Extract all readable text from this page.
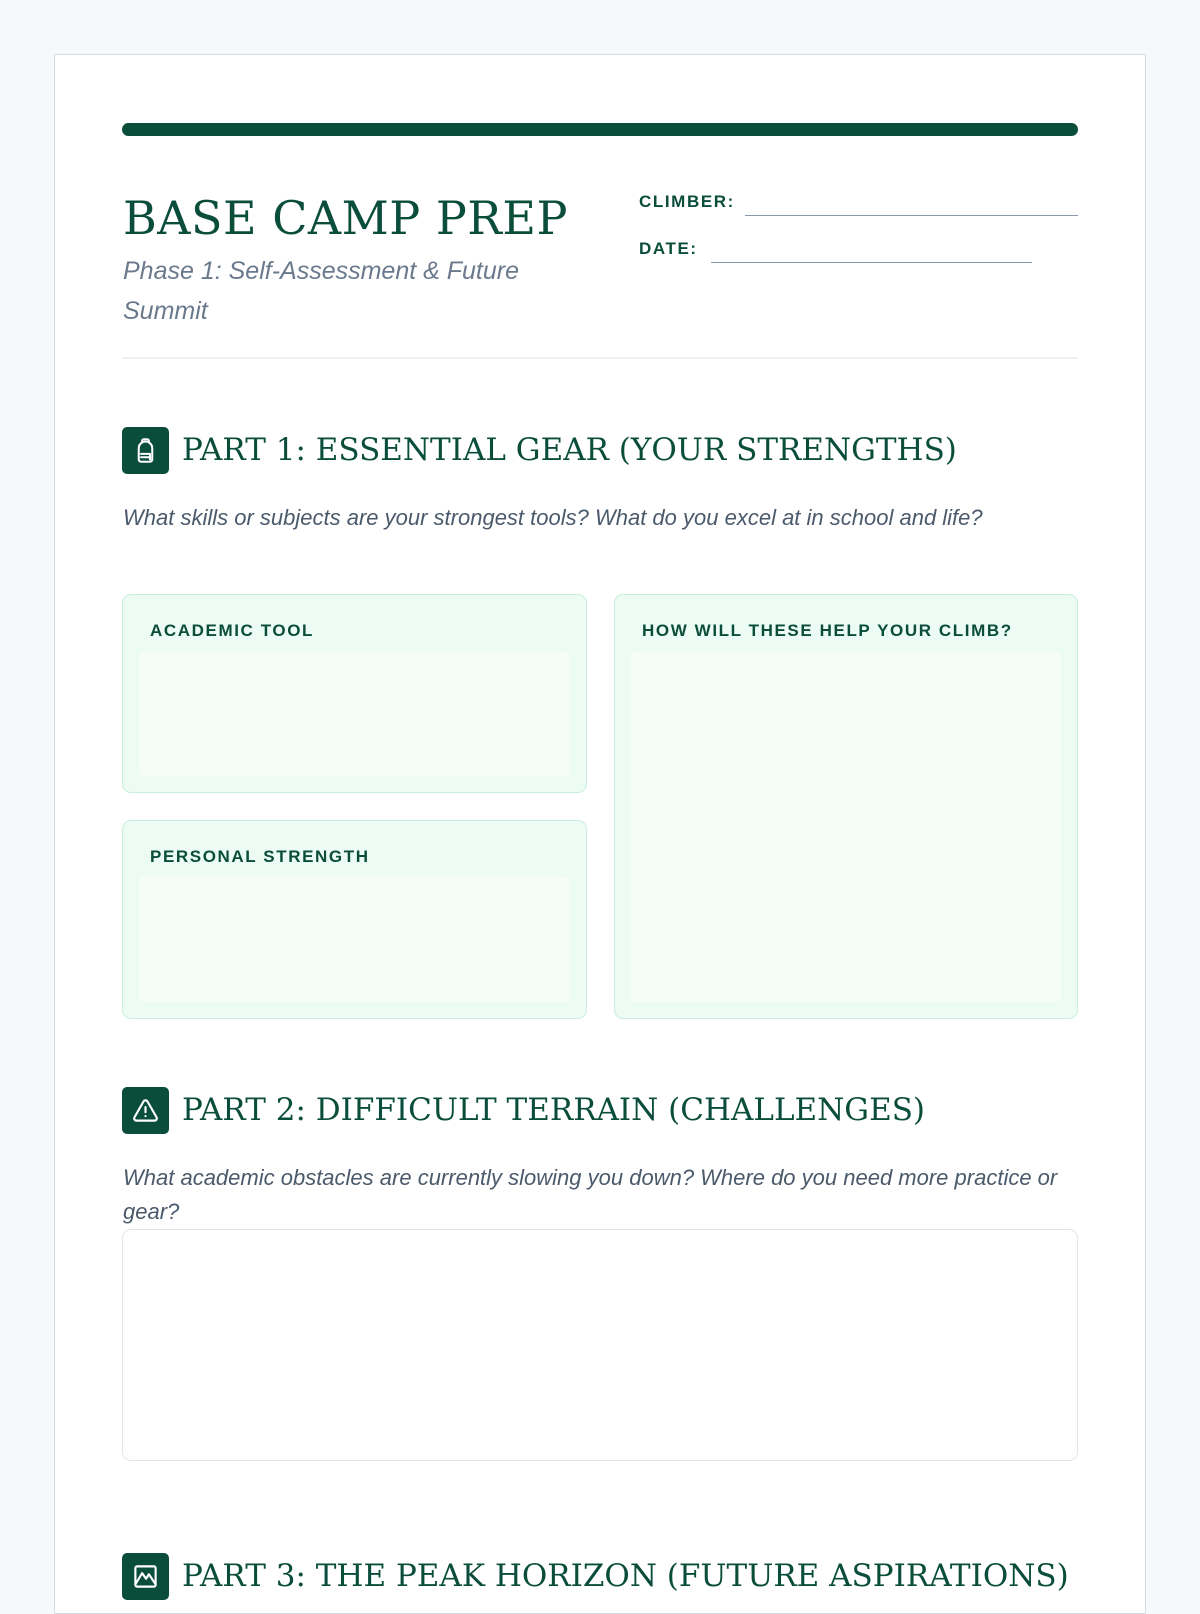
BASE CAMP PREP

Phase 1: Self-Assessment & Future Summit

CLIMBER:
DATE:
PART 1: ESSENTIAL GEAR (YOUR STRENGTHS)

What skills or subjects are your strongest tools? What do you excel at in school and life?

ACADEMIC TOOL
PERSONAL STRENGTH
HOW WILL THESE HELP YOUR CLIMB?
PART 2: DIFFICULT TERRAIN (CHALLENGES)

What academic obstacles are currently slowing you down? Where do you need more practice or gear?

PART 3: THE PEAK HORIZON (FUTURE ASPIRATIONS)
